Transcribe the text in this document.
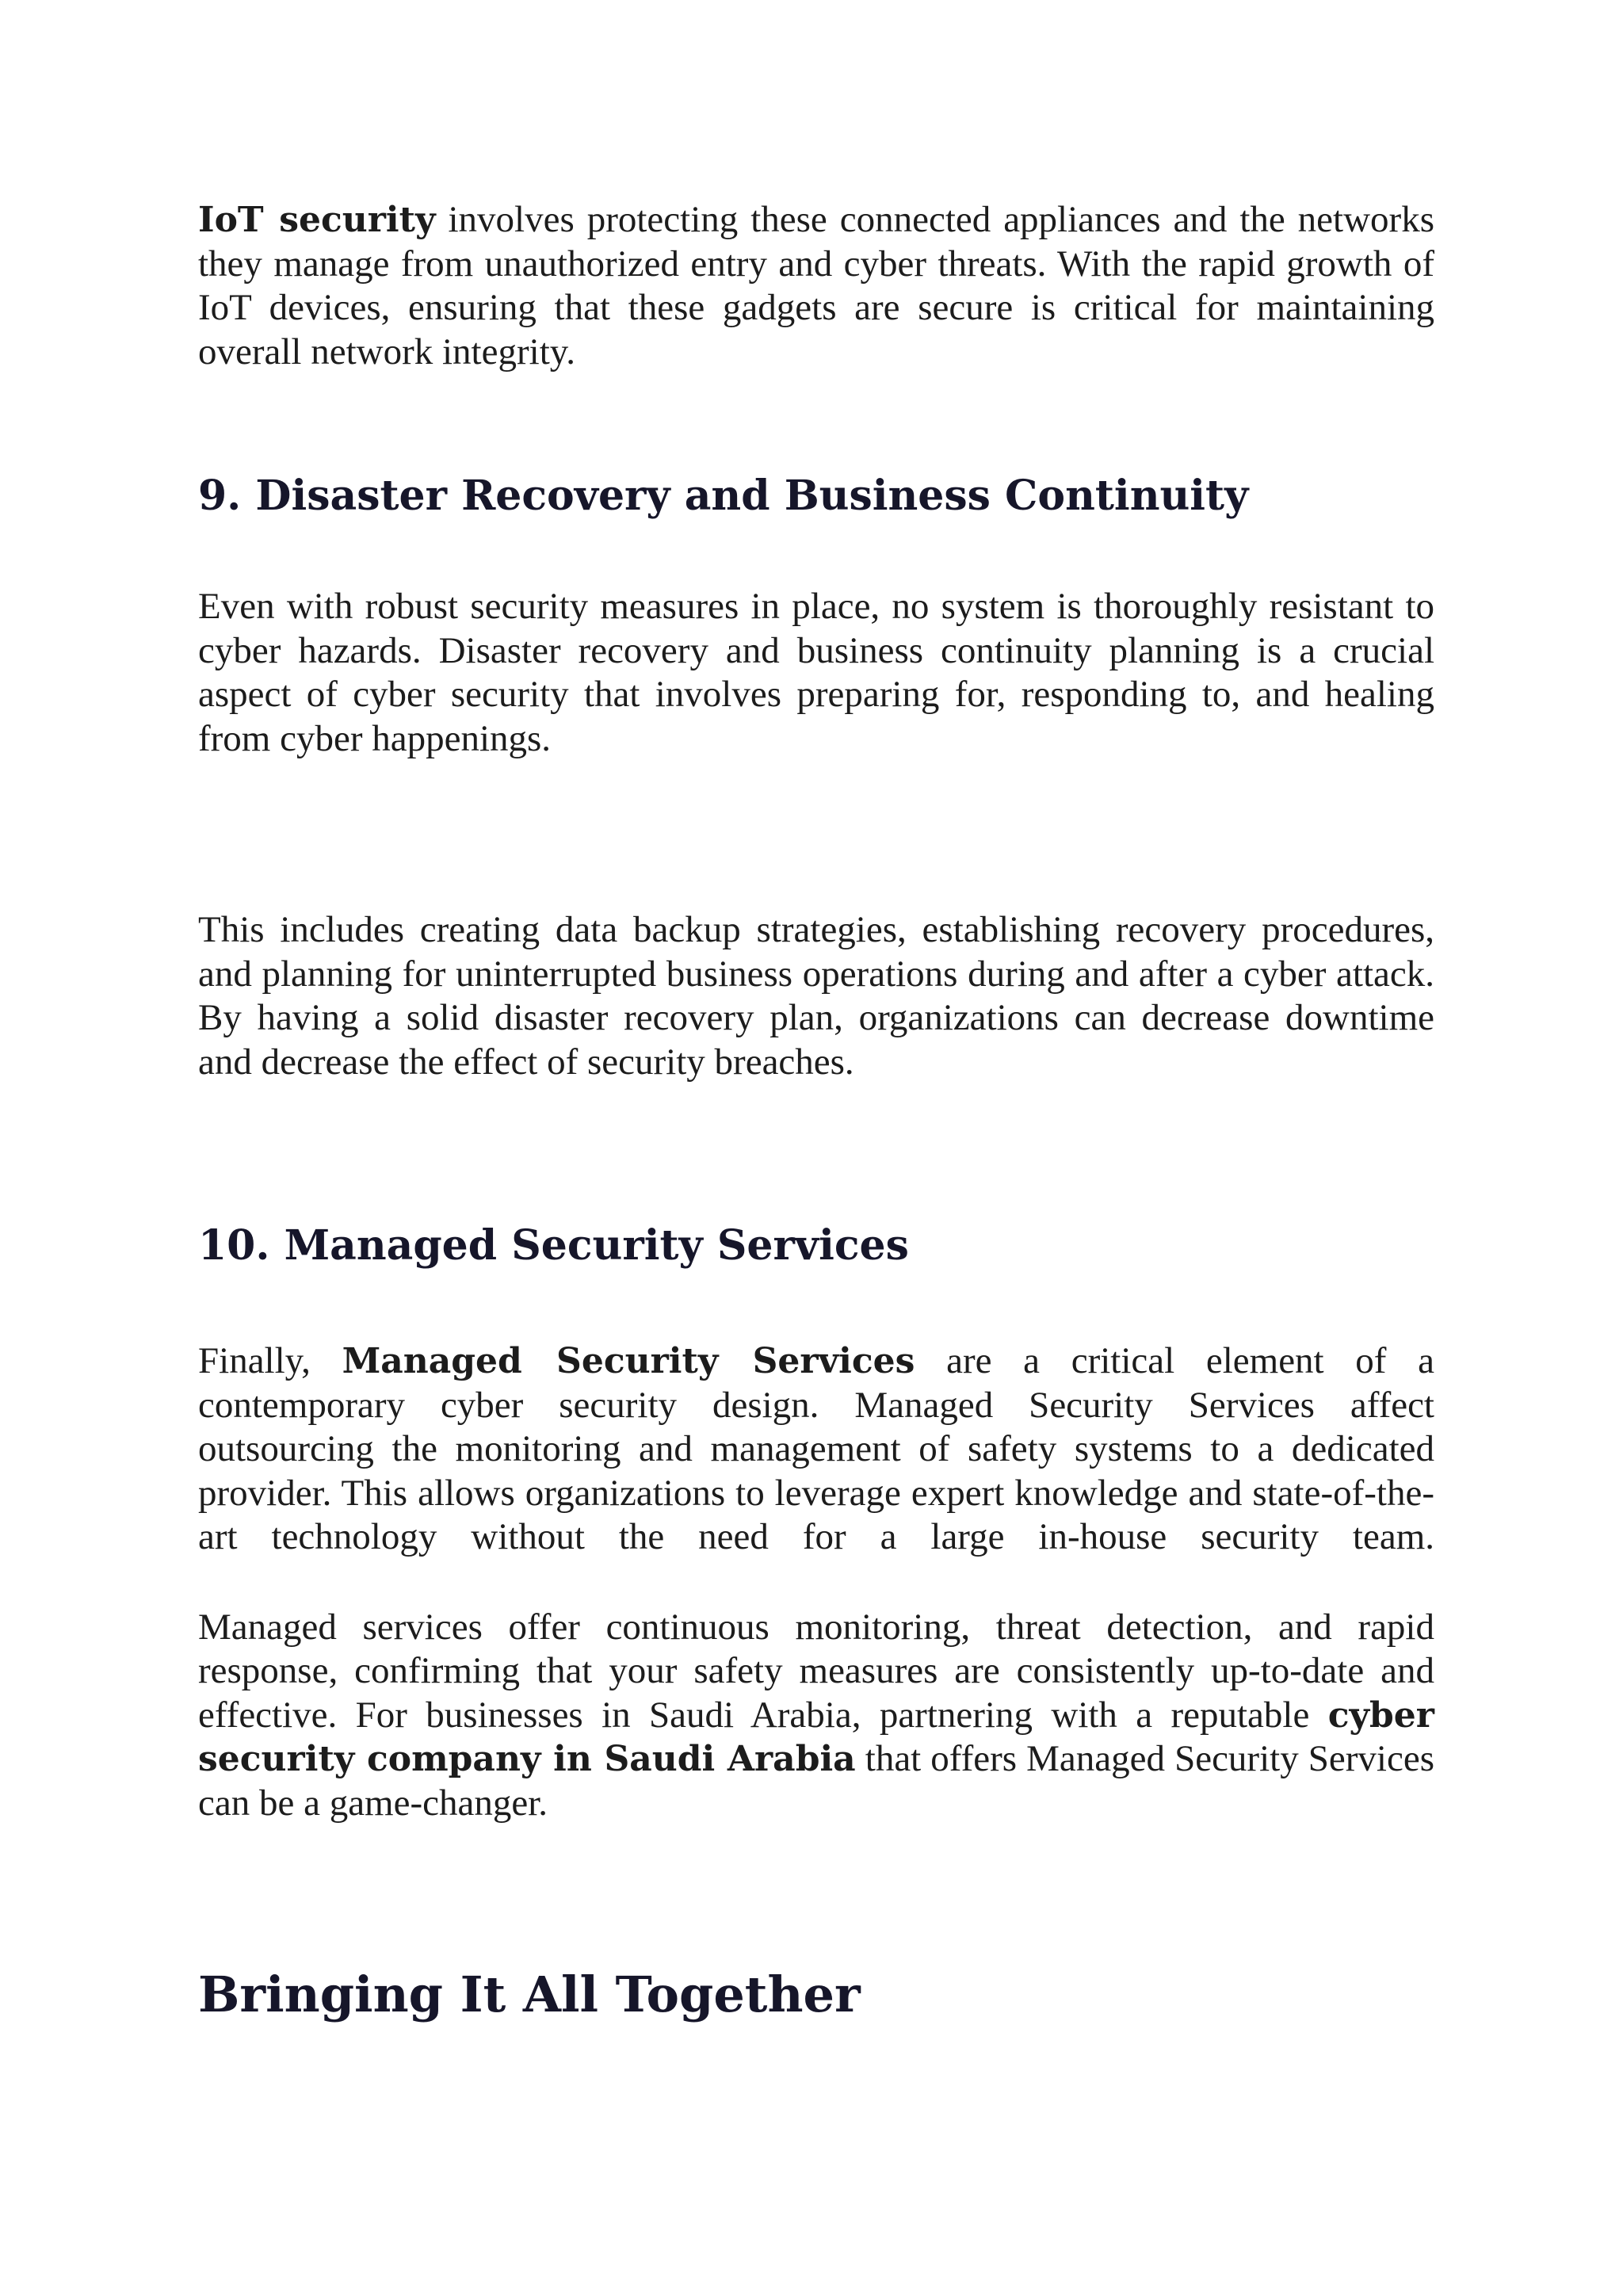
IoT security involves protecting these connected appliances and the networks they manage from unauthorized entry and cyber threats. With the rapid growth of IoT devices, ensuring that these gadgets are secure is critical for maintaining overall network integrity.

9. Disaster Recovery and Business Continuity

Even with robust security measures in place, no system is thoroughly resistant to cyber hazards. Disaster recovery and business continuity planning is a crucial aspect of cyber security that involves preparing for, responding to, and healing from cyber happenings.

This includes creating data backup strategies, establishing recovery procedures, and planning for uninterrupted business operations during and after a cyber attack. By having a solid disaster recovery plan, organizations can decrease downtime and decrease the effect of security breaches.

10. Managed Security Services

Finally, Managed Security Services are a critical element of a contemporary cyber security design. Managed Security Services affect outsourcing the monitoring and management of safety systems to a dedicated provider. This allows organizations to leverage expert knowledge and state-of-the-art technology without the need for a large in-house security team.

Managed services offer continuous monitoring, threat detection, and rapid response, confirming that your safety measures are consistently up-to-date and effective. For businesses in Saudi Arabia, partnering with a reputable cyber security company in Saudi Arabia that offers Managed Security Services can be a game-changer.

Bringing It All Together
